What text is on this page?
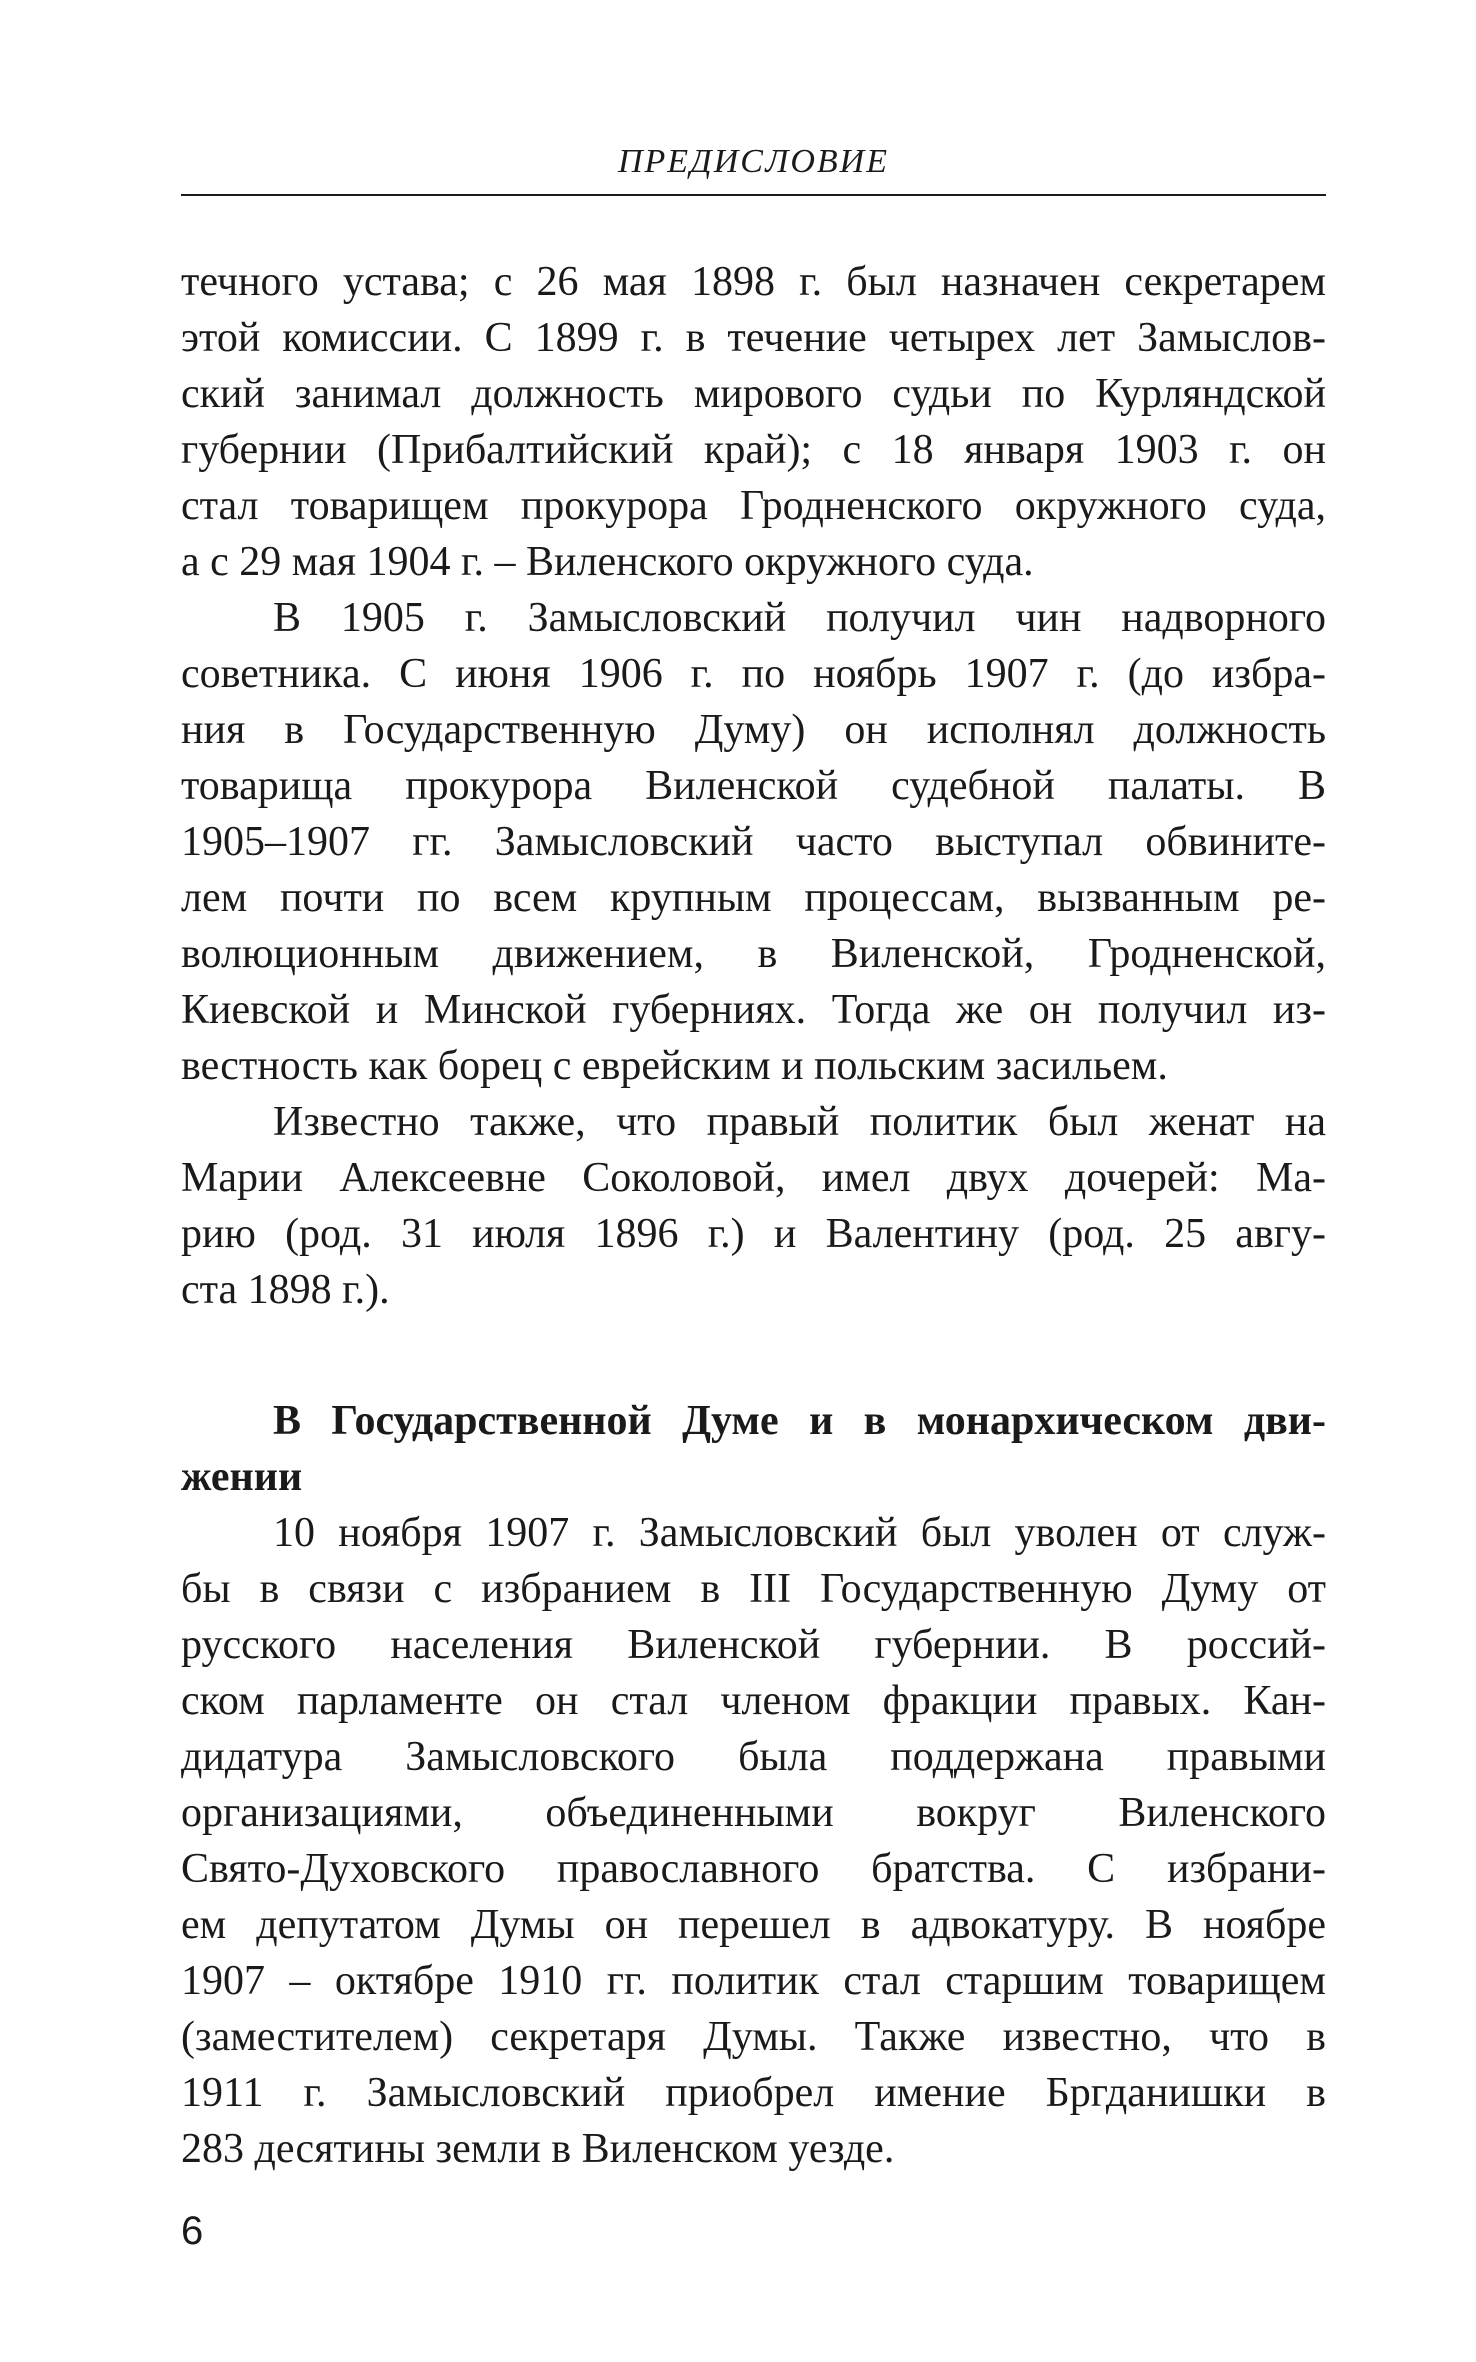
ПРЕДИСЛОВИЕ
течного устава; с 26 мая 1898 г. был назначен секретарем
этой комиссии. С 1899 г. в течение четырех лет Замыслов-
ский занимал должность мирового судьи по Курляндской
губернии (Прибалтийский край); с 18 января 1903 г. он
стал товарищем прокурора Гродненского окружного суда,
а с 29 мая 1904 г. – Виленского окружного суда.
В 1905 г. Замысловский получил чин надворного
советника. С июня 1906 г. по ноябрь 1907 г. (до избра-
ния в Государственную Думу) он исполнял должность
товарища прокурора Виленской судебной палаты. В
1905–1907 гг. Замысловский часто выступал обвините-
лем почти по всем крупным процессам, вызванным ре-
волюционным движением, в Виленской, Гродненской,
Киевской и Минской губерниях. Тогда же он получил из-
вестность как борец с еврейским и польским засильем.
Известно также, что правый политик был женат на
Марии Алексеевне Соколовой, имел двух дочерей: Ма-
рию (род. 31 июля 1896 г.) и Валентину (род. 25 авгу-
ста 1898 г.).
В Государственной Думе и в монархическом дви-
жении
10 ноября 1907 г. Замысловский был уволен от служ-
бы в связи с избранием в III Государственную Думу от
русского населения Виленской губернии. В россий-
ском парламенте он стал членом фракции правых. Кан-
дидатура Замысловского была поддержана правыми
организациями, объединенными вокруг Виленского
Свято-Духовского православного братства. С избрани-
ем депутатом Думы он перешел в адвокатуру. В ноябре
1907 – октябре 1910 гг. политик стал старшим товарищем
(заместителем) секретаря Думы. Также известно, что в
1911 г. Замысловский приобрел имение Бргданишки в
283 десятины земли в Виленском уезде.
6
